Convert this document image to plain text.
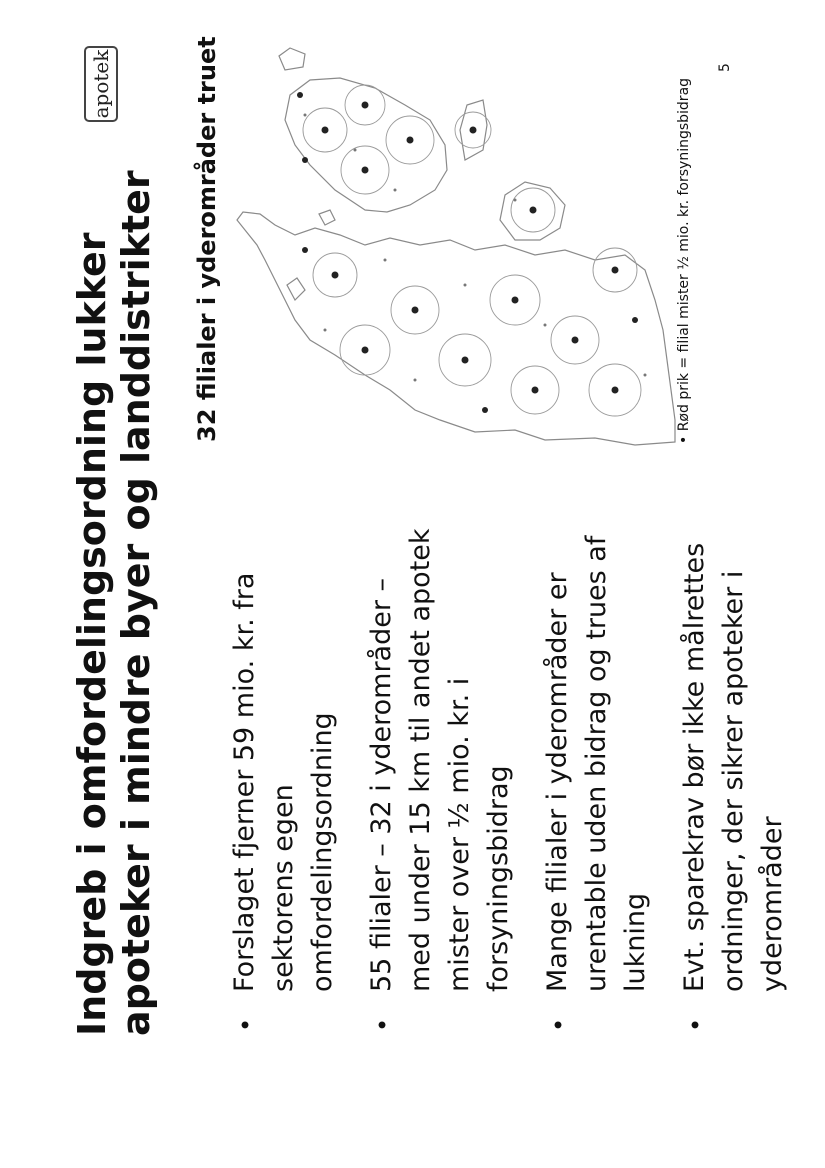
Indgreb i omfordelingsordning lukker apoteker i mindre byer og landdistrikter	•
Forslaget fjerner 59 mio. kr. fra sektorens egen omfordelingsordning
•
55 filialer – 32 i yderområder – med under 15 km til andet apotek mister over ½ mio. kr. i forsyningsbidrag
•
Mange filialer i yderområder er urentable uden bidrag og trues af lukning
•
Evt. sparekrav bør ikke målrettes ordninger, der sikrer apoteker i yderområder
32 filialer i yderområder truet	• Rød prik = filial mister ½ mio. kr. forsyningsbidrag
apotek	5
